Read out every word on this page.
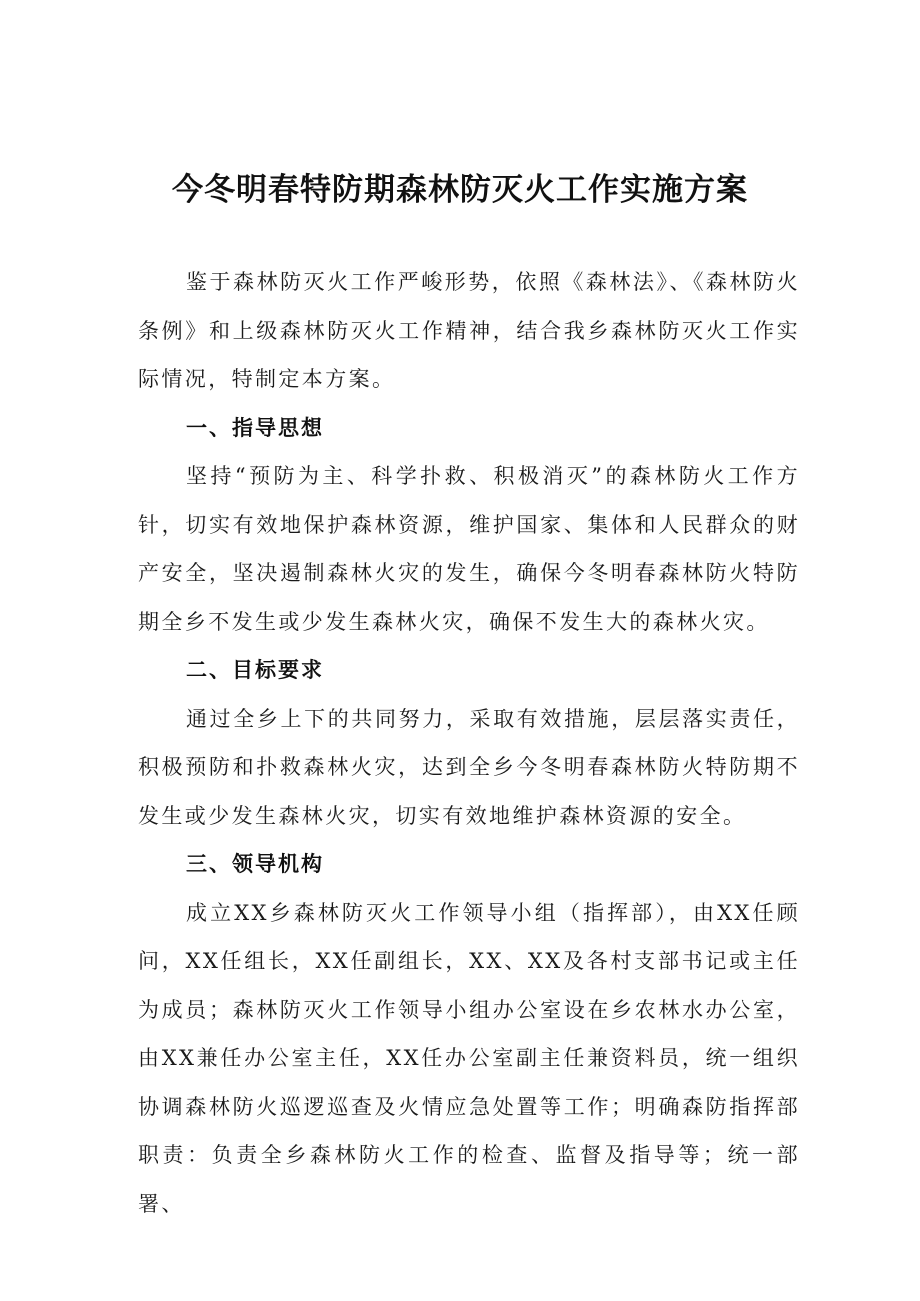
今冬明春特防期森林防灭火工作实施方案

鉴于森林防灭火工作严峻形势，依照《森林法》、《森林防火条例》和上级森林防灭火工作精神，结合我乡森林防灭火工作实际情况，特制定本方案。

一、指导思想

坚持“预防为主、科学扑救、积极消灭”的森林防火工作方针，切实有效地保护森林资源，维护国家、集体和人民群众的财产安全，坚决遏制森林火灾的发生，确保今冬明春森林防火特防期全乡不发生或少发生森林火灾，确保不发生大的森林火灾。

二、目标要求

通过全乡上下的共同努力，采取有效措施，层层落实责任，积极预防和扑救森林火灾，达到全乡今冬明春森林防火特防期不发生或少发生森林火灾，切实有效地维护森林资源的安全。

三、领导机构

成立XX乡森林防灭火工作领导小组（指挥部），由XX任顾问，XX任组长，XX任副组长，XX、XX及各村支部书记或主任为成员；森林防灭火工作领导小组办公室设在乡农林水办公室，由XX兼任办公室主任，XX任办公室副主任兼资料员，统一组织协调森林防火巡逻巡查及火情应急处置等工作；明确森防指挥部职责：负责全乡森林防火工作的检查、监督及指导等；统一部署、
